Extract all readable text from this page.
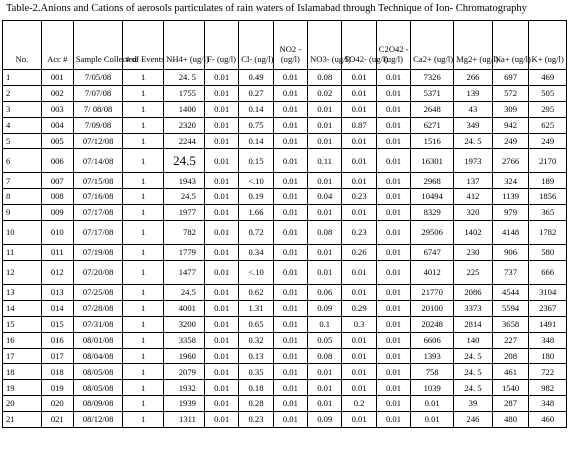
Table-2.Anions and Cations of aerosols particulates of rain waters of Islamabad through Technique of Ion- Chromatography
No.	Acc #	Sample Collected	# of Events	NH4+ (ug/l)	F- (ug/l)	Cl- (ug/l)	NO2 -
(ug/l)	NO3- (ug/l)	SO42- (ug/l)	C2O42 -
(ug/l)	Ca2+ (ug/l)	Mg2+ (ug/l)	Na+ (ug/l)	K+ (ug/l)
1	001	7/05/08	1	24. 5	0.01	0.49	0.01	0.08	0.01	0.01	7326	266	697	469
2	002	7/07/08	1	1755	0.01	0.27	0.01	0.02	0.01	0.01	5371	139	572	505
3	003	7/ 08/08	1	1400	0.01	0.14	0.01	0.01	0.01	0.01	2648	43	309	295
4	004	7/09/08	1	2320	0.01	0.75	0.01	0.01	0.87	0.01	6271	349	942	625
5	005	07/12/08	1	2244	0.01	0.14	0.01	0.01	0.01	0.01	1516	24. 5	249	249
6	006	07/14/08	1	24.5	0.01	0.15	0.01	0.11	0.01	0.01	16301	1973	2766	2170
7	007	07/15/08	1	1943	0.01	<.10	0.01	0.01	0.01	0.01	2968	137	324	189
8	008	07/16/08	1	24.5	0.01	0.19	0.01	0.04	0.23	0.01	10494	412	1139	1856
9	009	07/17/08	1	1977	0.01	1.66	0.01	0.01	0.01	0.01	8329	320	979	365
10	010	07/17/08	1	782	0.01	0.72	0.01	0.08	0.23	0.01	29506	1402	4148	1782
11	011	07/19/08	1	1779	0.01	0.34	0.01	0.01	0.26	0.01	6747	230	906	580
12	012	07/20/08	1	1477	0.01	<.10	0.01	0.01	0.01	0.01	4012	225	737	666
13	013	07/25/08	1	24.5	0.01	0.62	0.01	0.06	0.01	0.01	21770	2086	4544	3104
14	014	07/28/08	1	4001	0.01	1.31	0.01	0.09	0.29	0.01	20100	3373	5594	2367
15	015	07/31/08	1	3200	0.01	0.65	0.01	0.1	0.3	0.01	20248	2814	3658	1491
16	016	08/01/08	1	3358	0.01	0.32	0.01	0.05	0.01	0.01	6606	140	227	348
17	017	08/04/08	1	1960	0.01	0.13	0.01	0.08	0.01	0.01	1393	24. 5	208	180
18	018	08/05/08	1	2079	0.01	0.35	0.01	0.01	0.01	0.01	758	24. 5	461	722
19	019	08/05/08	1	1932	0.01	0.18	0.01	0.01	0.01	0.01	1039	24. 5	1540	982
20	020	08/09/08	1	1939	0.01	0.28	0.01	0.01	0.2	0.01	0.01	39	287	348
21	021	08/12/08	1	1311	0.01	0.23	0.01	0.09	0.01	0.01	0.01	246	480	460
